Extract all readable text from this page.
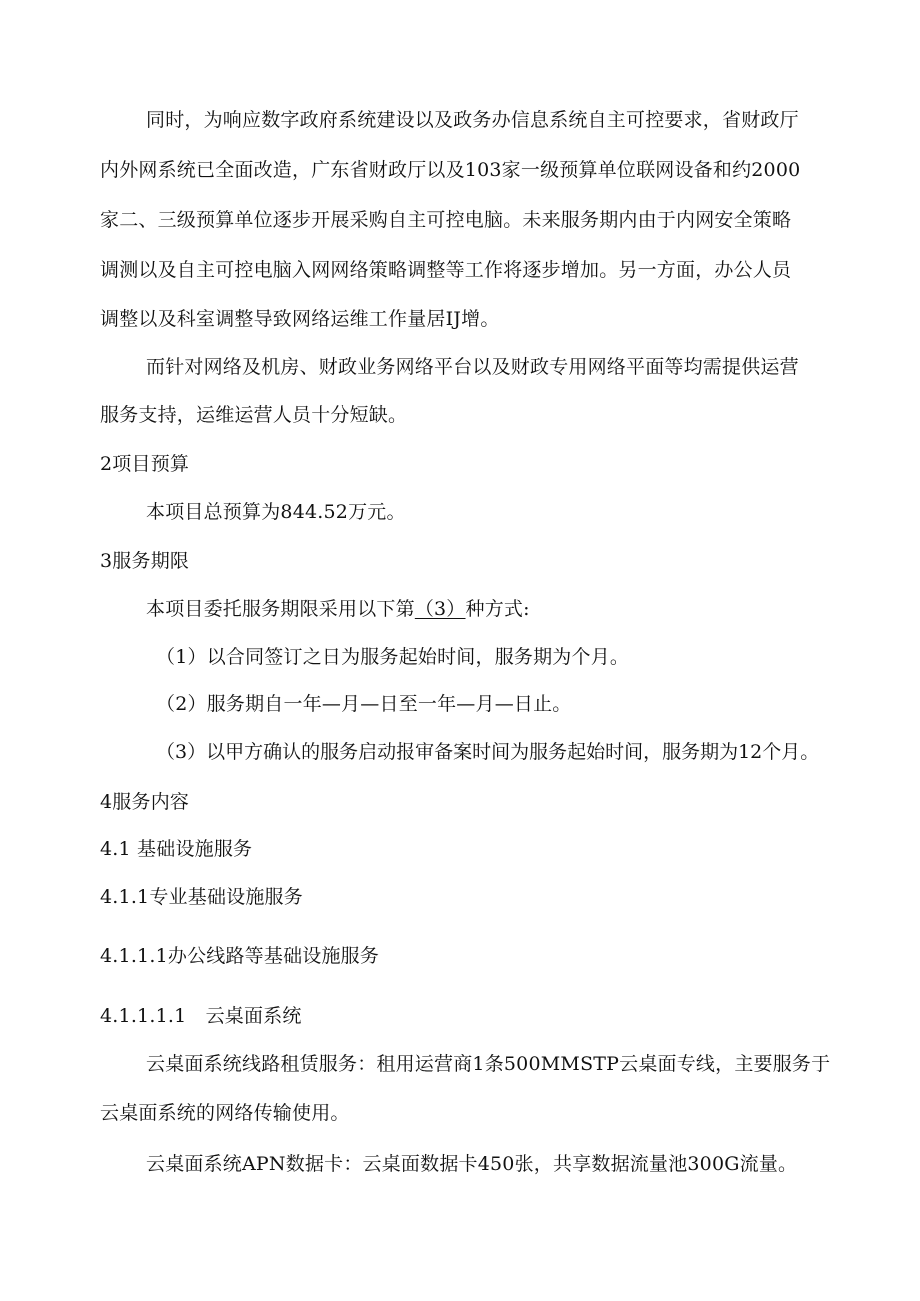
同时，为响应数字政府系统建设以及政务办信息系统自主可控要求，省财政厅
内外网系统已全面改造，广东省财政厅以及103家一级预算单位联网设备和约2000
家二、三级预算单位逐步开展采购自主可控电脑。未来服务期内由于内网安全策略
调测以及自主可控电脑入网网络策略调整等工作将逐步增加。另一方面，办公人员
调整以及科室调整导致网络运维工作量居IJ增。
而针对网络及机房、财政业务网络平台以及财政专用网络平面等均需提供运营
服务支持，运维运营人员十分短缺。
2项目预算
本项目总预算为844.52万元。
3服务期限
本项目委托服务期限采用以下第（3）种方式:
（1）以合同签订之日为服务起始时间，服务期为个月。
（2）服务期自一年—月—日至一年—月—日止。
（3）以甲方确认的服务启动报审备案时间为服务起始时间，服务期为12个月。
4服务内容
4.1 基础设施服务
4.1.1专业基础设施服务
4.1.1.1办公线路等基础设施服务
4.1.1.1.1　云桌面系统
云桌面系统线路租赁服务：租用运营商1条500MMSTP云桌面专线，主要服务于
云桌面系统的网络传输使用。
云桌面系统APN数据卡：云桌面数据卡450张，共享数据流量池300G流量。
